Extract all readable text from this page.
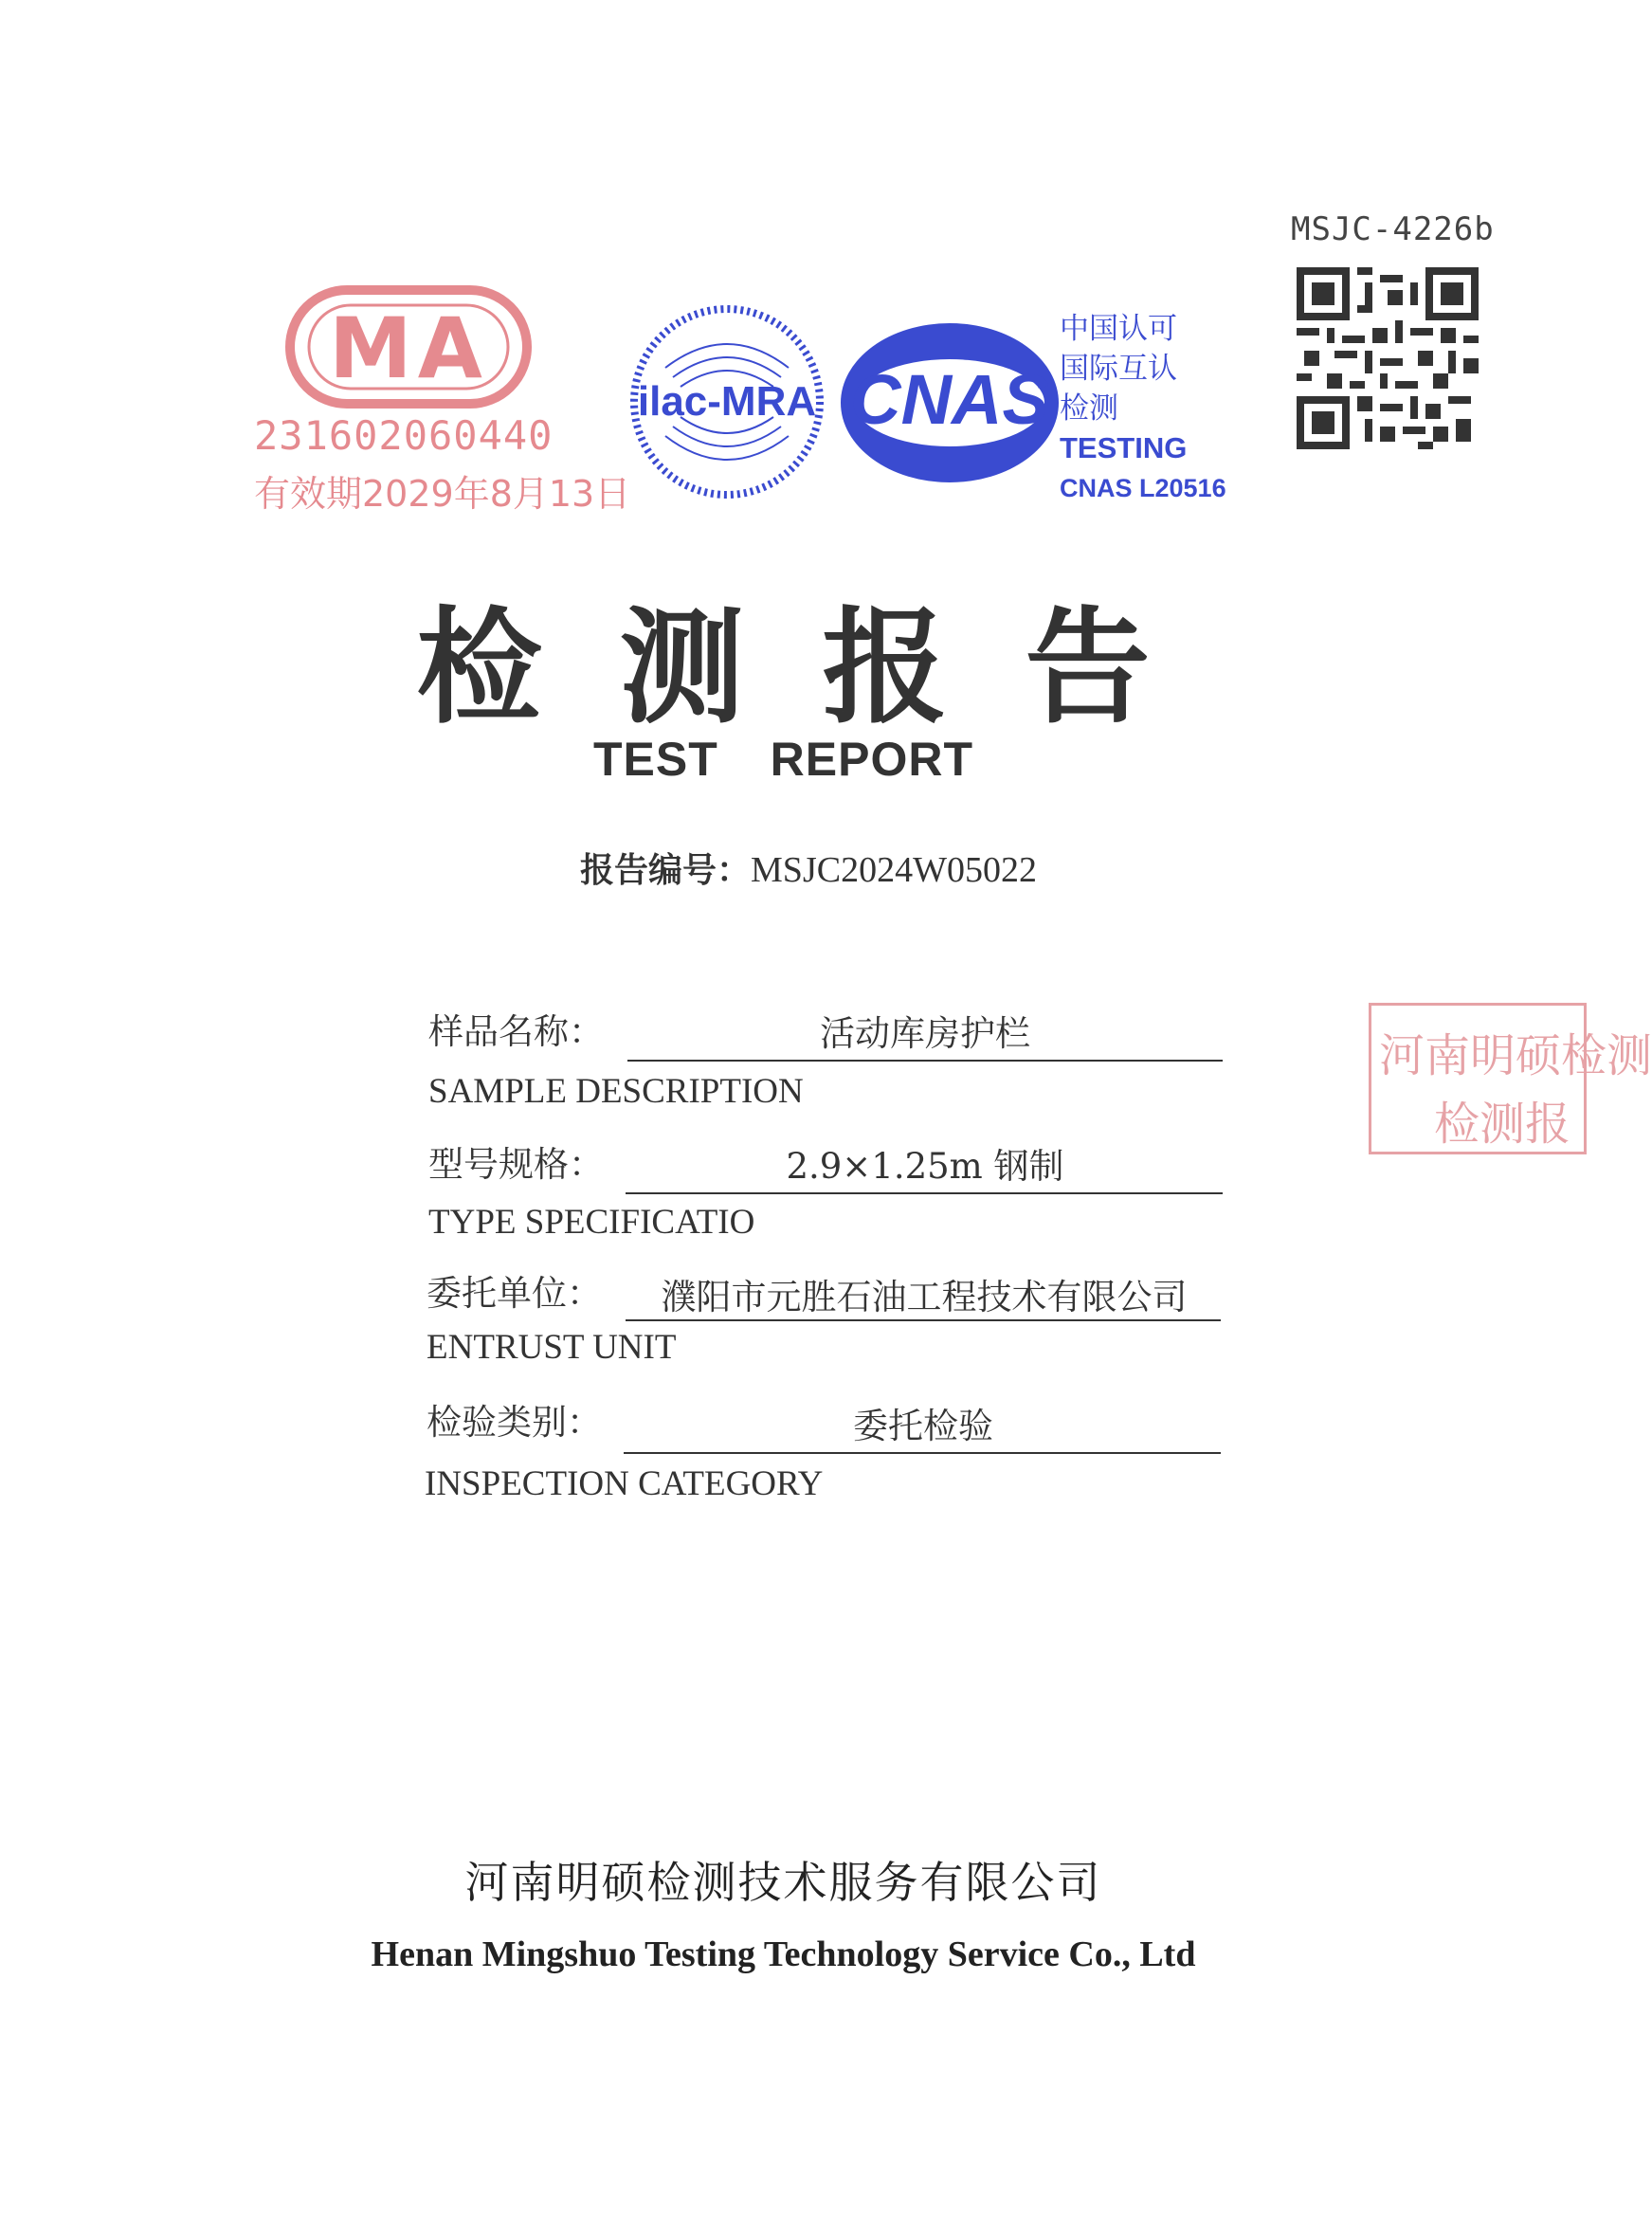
MSJC-4226b
MA
231602060440
有效期2029年8月13日
ilac-MRA CNAS
中国认可
国际互认
检测
TESTING
CNAS L20516
检测报告
TEST REPORT
报告编号：MSJC2024W05022
样品名称：	活动库房护栏
SAMPLE DESCRIPTION
型号规格：	2.9×1.25m 钢制
TYPE SPECIFICATIO
委托单位：	濮阳市元胜石油工程技术有限公司
ENTRUST UNIT
检验类别：	委托检验
INSPECTION CATEGORY
河南明硕检测
检测报
河南明硕检测技术服务有限公司
Henan Mingshuo Testing Technology Service Co., Ltd
